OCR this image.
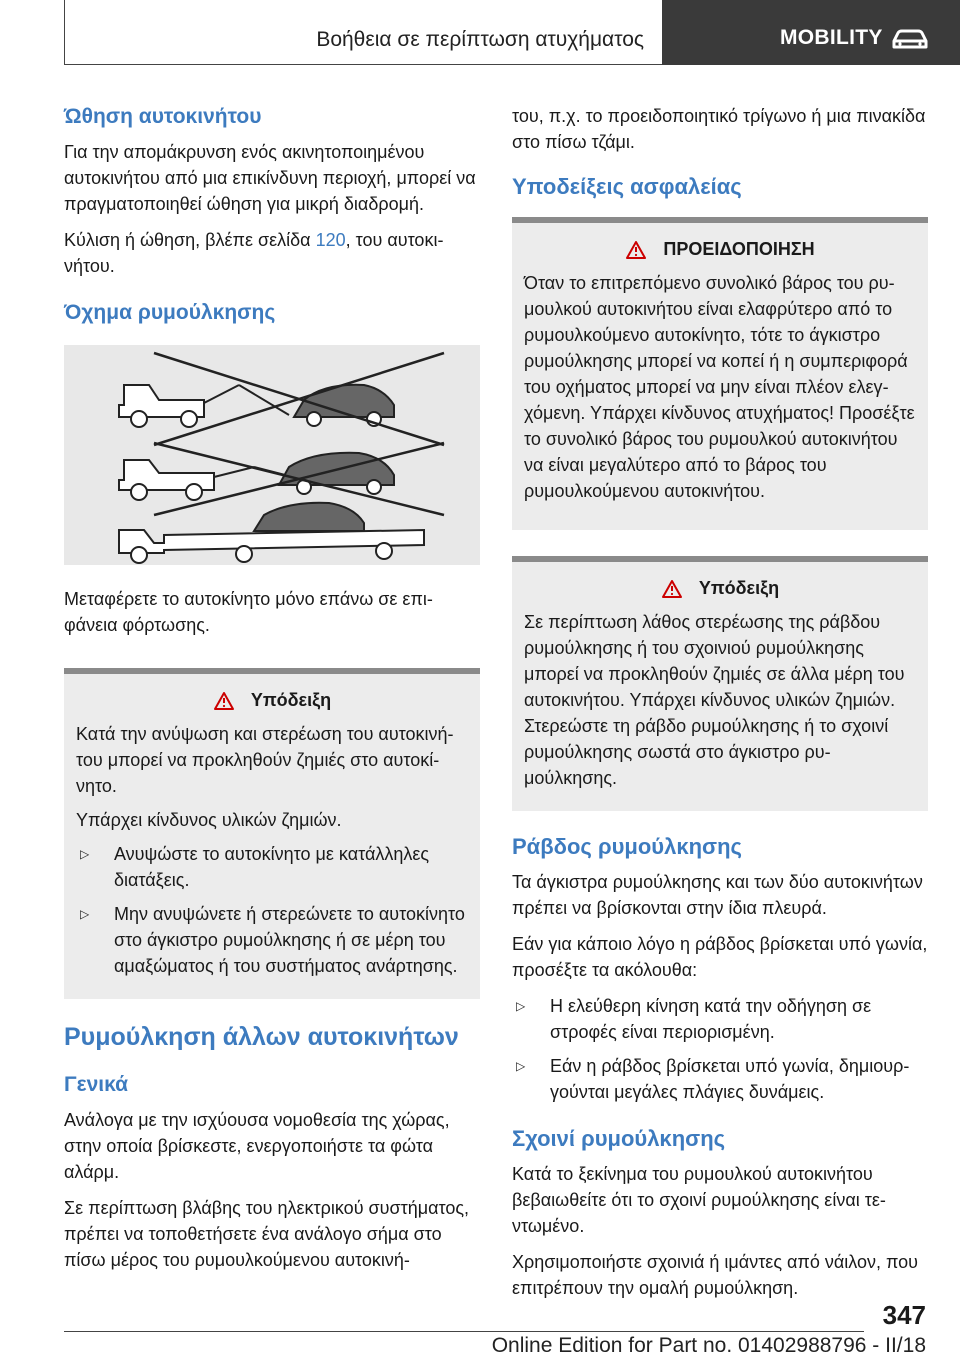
Βοήθεια σε περίπτωση ατυχήματος	MOBILITY
Ώθηση αυτοκινήτου

Για την απομάκρυνση ενός ακινητοποιημένου αυτοκινήτου από μια επικίνδυνη περιοχή, μπορεί να πραγματοποιηθεί ώθηση για μικρή διαδρομή.

Κύλιση ή ώθηση, βλέπε σελίδα 120, του αυτοκινήτου.

Όχημα ρυμούλκησης

Μεταφέρετε το αυτοκίνητο μόνο επάνω σε επιφάνεια φόρτωσης.

Υπόδειξη

Κατά την ανύψωση και στερέωση του αυτοκινήτου μπορεί να προκληθούν ζημιές στο αυτοκίνητο.

Υπάρχει κίνδυνος υλικών ζημιών.

▷	Ανυψώστε το αυτοκίνητο με κατάλληλες διατάξεις.
▷	Μην ανυψώνετε ή στερεώνετε το αυτοκίνητο στο άγκιστρο ρυμούλκησης ή σε μέρη του αμαξώματος ή του συστήματος ανάρτησης.
Ρυμούλκηση άλλων αυτοκινήτων
Γενικά

Ανάλογα με την ισχύουσα νομοθεσία της χώρας, στην οποία βρίσκεστε, ενεργοποιήστε τα φώτα αλάρμ.

Σε περίπτωση βλάβης του ηλεκτρικού συστήματος, πρέπει να τοποθετήσετε ένα ανάλογο σήμα στο πίσω μέρος του ρυμουλκούμενου αυτοκινή-

του, π.χ. το προειδοποιητικό τρίγωνο ή μια πινακίδα στο πίσω τζάμι.

Υποδείξεις ασφαλείας
ΠΡΟΕΙΔΟΠΟΙΗΣΗ

Όταν το επιτρεπόμενο συνολικό βάρος του ρυμουλκού αυτοκινήτου είναι ελαφρύτερο από το ρυμουλκούμενο αυτοκίνητο, τότε το άγκιστρο ρυμούλκησης μπορεί να κοπεί ή η συμπεριφορά του οχήματος μπορεί να μην είναι πλέον ελεγχόμενη. Υπάρχει κίνδυνος ατυχήματος! Προσέξτε το συνολικό βάρος του ρυμουλκού αυτοκινήτου να είναι μεγαλύτερο από το βάρος του ρυμουλκούμενου αυτοκινήτου.

Υπόδειξη

Σε περίπτωση λάθος στερέωσης της ράβδου ρυμούλκησης ή του σχοινιού ρυμούλκησης μπορεί να προκληθούν ζημιές σε άλλα μέρη του αυτοκινήτου. Υπάρχει κίνδυνος υλικών ζημιών. Στερεώστε τη ράβδο ρυμούλκησης ή το σχοινί ρυμούλκησης σωστά στο άγκιστρο ρυμούλκησης.

Ράβδος ρυμούλκησης

Τα άγκιστρα ρυμούλκησης και των δύο αυτοκινήτων πρέπει να βρίσκονται στην ίδια πλευρά.

Εάν για κάποιο λόγο η ράβδος βρίσκεται υπό γωνία, προσέξτε τα ακόλουθα:

▷	Η ελεύθερη κίνηση κατά την οδήγηση σε στροφές είναι περιορισμένη.
▷	Εάν η ράβδος βρίσκεται υπό γωνία, δημιουργούνται μεγάλες πλάγιες δυνάμεις.
Σχοινί ρυμούλκησης

Κατά το ξεκίνημα του ρυμουλκού αυτοκινήτου βεβαιωθείτε ότι το σχοινί ρυμούλκησης είναι τεντωμένο.

Χρησιμοποιήστε σχοινιά ή ιμάντες από νάιλον, που επιτρέπουν την ομαλή ρυμούλκηση.

347
Online Edition for Part no. 01402988796 - II/18
